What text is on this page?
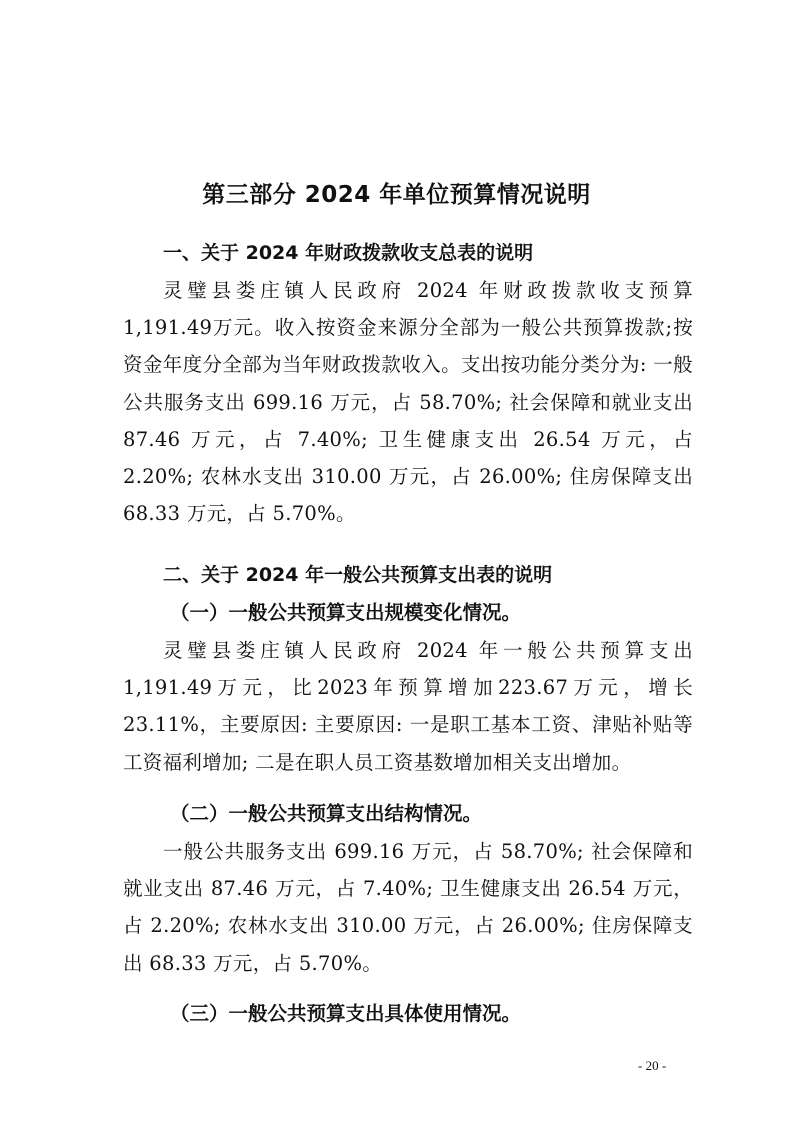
第三部分 2024 年单位预算情况说明
一、关于 2024 年财政拨款收支总表的说明
灵璧县娄庄镇人民政府 2024 年财政拨款收支预算 1,191.49万元。收入按资金来源分全部为一般公共预算拨款;按资金年度分全部为当年财政拨款收入。支出按功能分类分为: 一般公共服务支出 699.16 万元，占 58.70%; 社会保障和就业支出 87.46 万元，占 7.40%; 卫生健康支出 26.54 万元，占 2.20%; 农林水支出 310.00 万元，占 26.00%; 住房保障支出 68.33 万元，占 5.70%。
二、关于 2024 年一般公共预算支出表的说明
（一）一般公共预算支出规模变化情况。
灵璧县娄庄镇人民政府 2024 年一般公共预算支出 1,191.49万元，比2023年预算增加223.67万元，增长23.11%，主要原因: 主要原因: 一是职工基本工资、津贴补贴等工资福利增加; 二是在职人员工资基数增加相关支出增加。
（二）一般公共预算支出结构情况。
一般公共服务支出 699.16 万元，占 58.70%; 社会保障和就业支出 87.46 万元，占 7.40%; 卫生健康支出 26.54 万元，占 2.20%; 农林水支出 310.00 万元，占 26.00%; 住房保障支出 68.33 万元，占 5.70%。
（三）一般公共预算支出具体使用情况。
- 20 -
